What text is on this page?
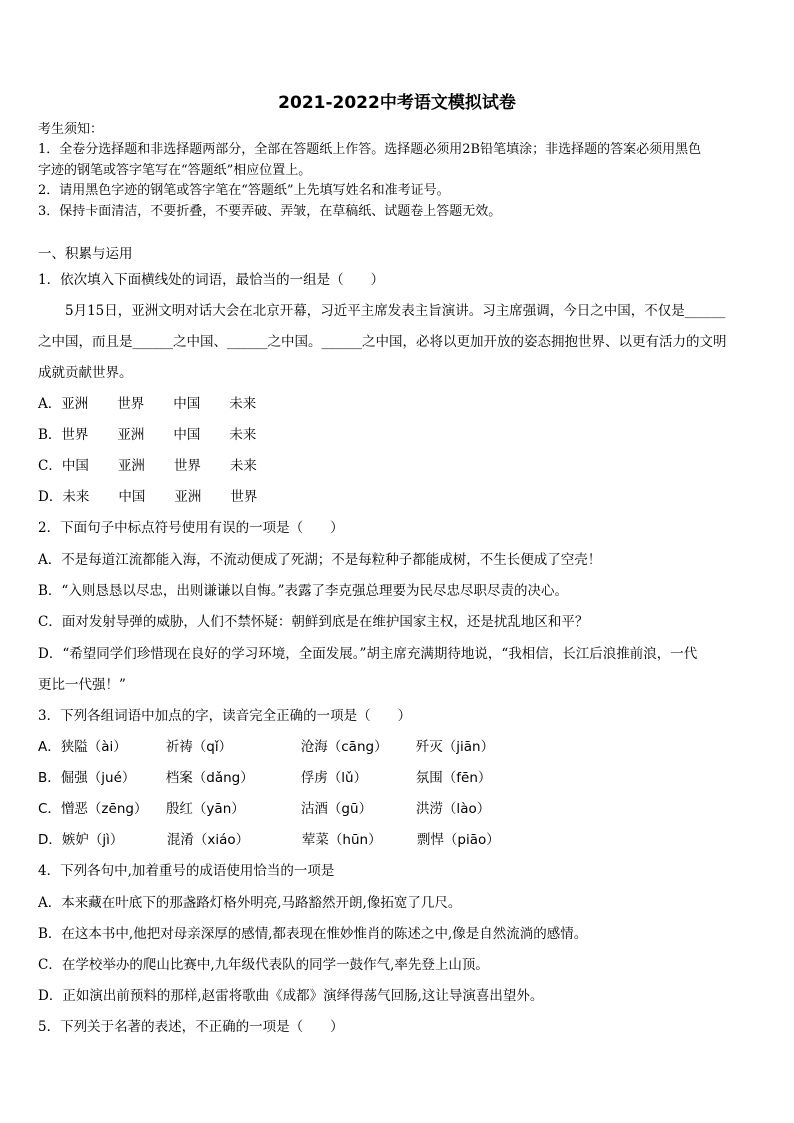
2021-2022中考语文模拟试卷
考生须知：
1．全卷分选择题和非选择题两部分，全部在答题纸上作答。选择题必须用2B铅笔填涂；非选择题的答案必须用黑色
字迹的钢笔或答字笔写在“答题纸”相应位置上。
2．请用黑色字迹的钢笔或答字笔在“答题纸”上先填写姓名和准考证号。
3．保持卡面清洁，不要折叠，不要弄破、弄皱，在草稿纸、试题卷上答题无效。
一、积累与运用
1．依次填入下面横线处的词语，最恰当的一组是（　　）
5月15日，亚洲文明对话大会在北京开幕，习近平主席发表主旨演讲。习主席强调，今日之中国，不仅是______
之中国，而且是______之中国、______之中国。______之中国，必将以更加开放的姿态拥抱世界、以更有活力的文明
成就贡献世界。
A．亚洲 世界 中国 未来
B．世界 亚洲 中国 未来
C．中国 亚洲 世界 未来
D．未来 中国 亚洲 世界
2．下面句子中标点符号使用有误的一项是（　　）
A．不是每道江流都能入海，不流动便成了死湖；不是每粒种子都能成树，不生长便成了空壳！
B．“入则恳恳以尽忠，出则谦谦以自悔。”表露了李克强总理要为民尽忠尽职尽责的决心。
C．面对发射导弹的威胁，人们不禁怀疑：朝鲜到底是在维护国家主权，还是扰乱地区和平？
D．“希望同学们珍惜现在良好的学习环境，全面发展。”胡主席充满期待地说，“我相信，长江后浪推前浪，一代
更比一代强！”
3．下列各组词语中加点的字，读音完全正确的一项是（　　）
A．狭隘（ài）	祈祷（qǐ）	沧海（cāng） 歼灭（jiān）
B．倔强（jué） 档案（dǎng）	俘虏（lǔ）	氛围（fēn）
C．憎恶（zēng） 殷红（yān）	沽酒（gū）	洪涝（lào）
D．嫉妒（jì）	混淆（xiáo）	荤菜（hūn）	剽悍（piāo）
4．下列各句中,加着重号的成语使用恰当的一项是
A．本来藏在叶底下的那盏路灯格外明亮,马路豁然开朗,像拓宽了几尺。
B．在这本书中,他把对母亲深厚的感情,都表现在惟妙惟肖的陈述之中,像是自然流淌的感情。
C．在学校举办的爬山比赛中,九年级代表队的同学一鼓作气,率先登上山顶。
D．正如演出前预料的那样,赵雷将歌曲《成都》演绎得荡气回肠,这让导演喜出望外。
5．下列关于名著的表述，不正确的一项是（　　）
